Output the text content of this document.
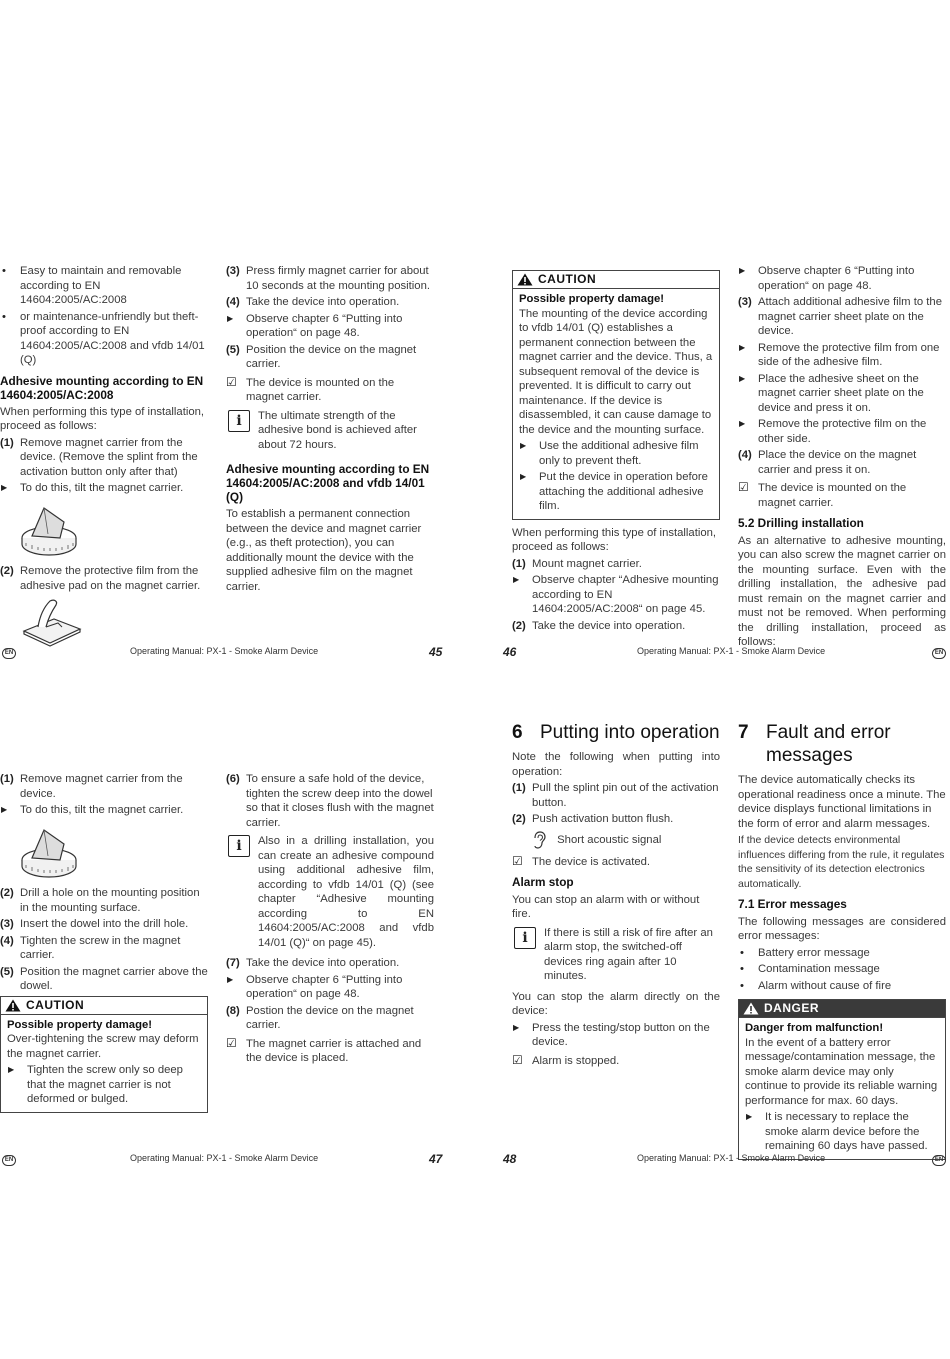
• Easy to maintain and removable according to EN 14604:2005/AC:2008
• or maintenance-unfriendly but theft-proof according to EN 14604:2005/AC:2008 and vfdb 14/01 (Q)
Adhesive mounting according to EN 14604:2005/AC:2008

When performing this type of installation, proceed as follows:

(1) Remove magnet carrier from the device. (Remove the splint from the activation button only after that)
▶ To do this, tilt the magnet carrier.
(2) Remove the protective film from the adhesive pad on the magnet carrier.
(3) Press firmly magnet carrier for about 10 seconds at the mounting position.
(4) Take the device into operation.
▶ Observe chapter 6 “Putting into operation“ on page 48.
(5) Position the device on the magnet carrier.
☑ The device is mounted on the magnet carrier.
i	The ultimate strength of the adhesive bond is achieved after about 72 hours.
Adhesive mounting according to EN 14604:2005/AC:2008 and vfdb 14/01 (Q)

To establish a permanent connection between the device and magnet carrier (e.g., as theft protection), you can additionally mount the device with the supplied adhesive film on the magnet carrier.

EN	Operating Manual: PX-1 - Smoke Alarm Device	45
CAUTION
Possible property damage!

The mounting of the device according to vfdb 14/01 (Q) establishes a permanent connection between the magnet carrier and the device. Thus, a subsequent removal of the device is prevented. It is difficult to carry out maintenance. If the device is disassembled, it can cause damage to the device and the mounting surface.

▶ Use the additional adhesive film only to prevent theft.
▶ Put the device in operation before attaching the additional adhesive film.

When performing this type of installation, proceed as follows:

(1) Mount magnet carrier.
▶ Observe chapter “Adhesive mounting according to EN 14604:2005/AC:2008“ on page 45.
(2) Take the device into operation.
▶ Observe chapter 6 “Putting into operation“ on page 48.
(3) Attach additional adhesive film to the magnet carrier sheet plate on the device.
▶ Remove the protective film from one side of the adhesive film.
▶ Place the adhesive sheet on the magnet carrier sheet plate on the device and press it on.
▶ Remove the protective film on the other side.
(4) Place the device on the magnet carrier and press it on.
☑ The device is mounted on the magnet carrier.
5.2 Drilling installation

As an alternative to adhesive mounting, you can also screw the magnet carrier on the mounting surface. Even with the drilling installation, the adhesive pad must remain on the magnet carrier and must not be removed. When performing the drilling installation, proceed as follows:

46	Operating Manual: PX-1 - Smoke Alarm Device	EN
(1) Remove magnet carrier from the device.
▶ To do this, tilt the magnet carrier.
(2) Drill a hole on the mounting position in the mounting surface.
(3) Insert the dowel into the drill hole.
(4) Tighten the screw in the magnet carrier.
(5) Position the magnet carrier above the dowel.
CAUTION
Possible property damage!

Over-tightening the screw may deform the magnet carrier.

▶ Tighten the screw only so deep that the magnet carrier is not deformed or bulged.
(6) To ensure a safe hold of the device, tighten the screw deep into the dowel so that it closes flush with the magnet carrier.
i	Also in a drilling installation, you can create an adhesive compound using additional adhesive film, according to vfdb 14/01 (Q) (see chapter “Adhesive mounting according to EN 14604:2005/AC:2008 and vfdb 14/01 (Q)“ on page 45).
(7) Take the device into operation.
▶ Observe chapter 6 “Putting into operation“ on page 48.
(8) Postion the device on the magnet carrier.
☑ The magnet carrier is attached and the device is placed.
EN	Operating Manual: PX-1 - Smoke Alarm Device	47
6 Putting into operation

Note the following when putting into operation:

(1) Pull the splint pin out of the activation button.
(2) Push activation button flush.
Short acoustic signal
☑ The device is activated.
Alarm stop

You can stop an alarm with or without fire.

i	If there is still a risk of fire after an alarm stop, the switched-off devices ring again after 10 minutes.

You can stop the alarm directly on the device:

▶ Press the testing/stop button on the device.
☑ Alarm is stopped.
7 Fault and error messages

The device automatically checks its operational readiness once a minute. The device displays functional limitations in the form of error and alarm messages.

If the device detects environmental influences differing from the rule, it regulates the sensitivity of its detection electronics automatically.

7.1 Error messages

The following messages are considered error messages:

• Battery error message
• Contamination message
• Alarm without cause of fire
DANGER
Danger from malfunction!

In the event of a battery error message/contamination message, the smoke alarm device may only continue to provide its reliable warning performance for max. 60 days.

▶ It is necessary to replace the smoke alarm device before the remaining 60 days have passed.
48	Operating Manual: PX-1 - Smoke Alarm Device	EN
